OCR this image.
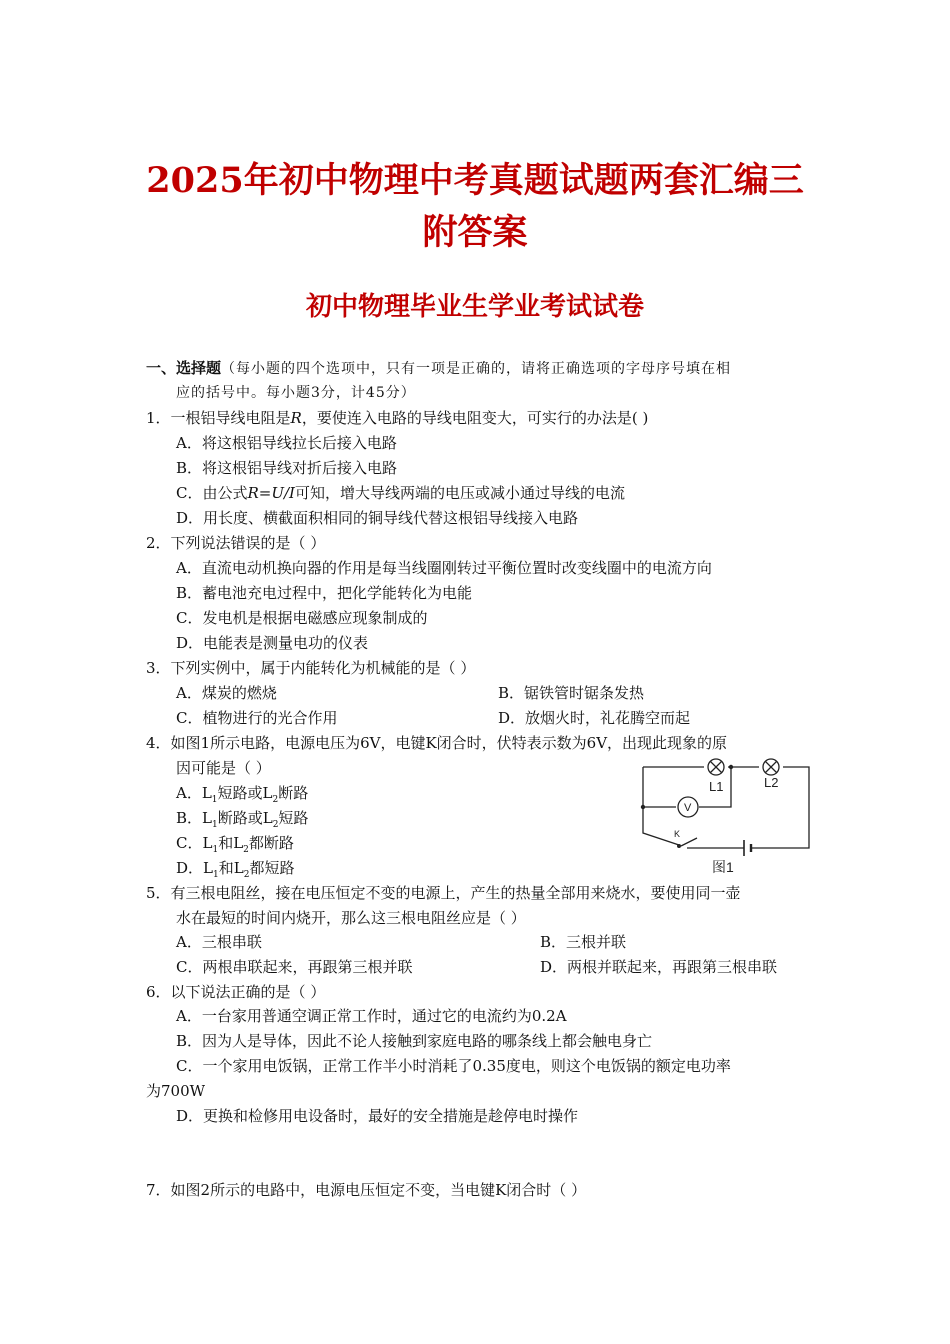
2025年初中物理中考真题试题两套汇编三
附答案
初中物理毕业生学业考试试卷
一、选择题（每小题的四个选项中，只有一项是正确的，请将正确选项的字母序号填在相
应的括号中。每小题3分，计45分）
1．一根铝导线电阻是R，要使连入电路的导线电阻变大，可实行的办法是( )
A．将这根铝导线拉长后接入电路
B．将这根铝导线对折后接入电路
C．由公式R=U/I可知，增大导线两端的电压或减小通过导线的电流
D．用长度、横截面积相同的铜导线代替这根铝导线接入电路
2．下列说法错误的是（ ）
A．直流电动机换向器的作用是每当线圈刚转过平衡位置时改变线圈中的电流方向
B．蓄电池充电过程中，把化学能转化为电能
C．发电机是根据电磁感应现象制成的
D．电能表是测量电功的仪表
3．下列实例中，属于内能转化为机械能的是（ ）
A．煤炭的燃烧	B．锯铁管时锯条发热
C．植物进行的光合作用	D．放烟火时，礼花腾空而起
4．如图1所示电路，电源电压为6V，电键K闭合时，伏特表示数为6V，出现此现象的原
因可能是（ ）
A．$L_1$短路或$L_2$断路
B．$L_1$断路或$L_2$短路
C．$L_1$和$L_2$都断路
D．$L_1$和$L_2$都短路
L1	L2
V
K
图1
5．有三根电阻丝，接在电压恒定不变的电源上，产生的热量全部用来烧水，要使用同一壶
水在最短的时间内烧开，那么这三根电阻丝应是（ ）
A．三根串联	B．三根并联
C．两根串联起来，再跟第三根并联	D．两根并联起来，再跟第三根串联
6．以下说法正确的是（ ）
A．一台家用普通空调正常工作时，通过它的电流约为0.2A
B．因为人是导体，因此不论人接触到家庭电路的哪条线上都会触电身亡
C．一个家用电饭锅，正常工作半小时消耗了0.35度电，则这个电饭锅的额定电功率
为700W
D．更换和检修用电设备时，最好的安全措施是趁停电时操作
7．如图2所示的电路中，电源电压恒定不变，当电键K闭合时（ ）
